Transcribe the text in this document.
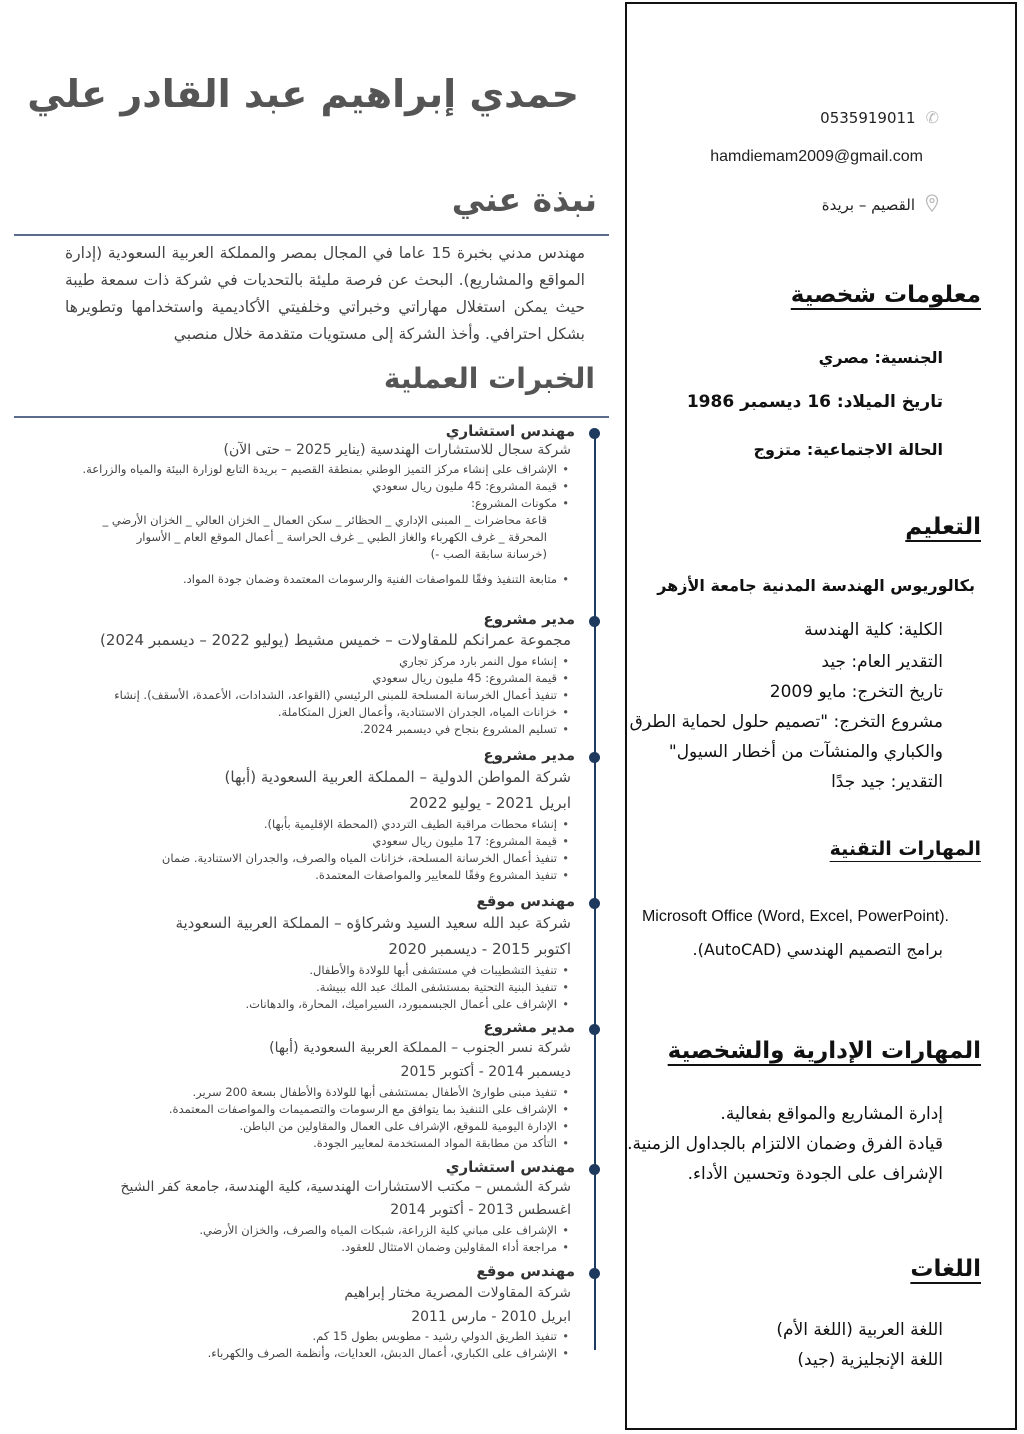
حمدي إبراهيم عبد القادر علي
نبذة عني
مهندس مدني بخبرة 15 عاما في المجال بمصر والمملكة العربية السعودية (إدارة المواقع والمشاريع). البحث عن فرصة مليئة بالتحديات في شركة ذات سمعة طيبة حيث يمكن استغلال مهاراتي وخبراتي وخلفيتي الأكاديمية واستخدامها وتطويرها بشكل احترافي. وأخذ الشركة إلى مستويات متقدمة خلال منصبي
الخبرات العملية
مهندس استشاري
شركة سجال للاستشارات الهندسية (يناير 2025 – حتى الآن)
• الإشراف على إنشاء مركز التميز الوطني بمنطقة القصيم – بريدة التابع لوزارة البيئة والمياه والزراعة.
• قيمة المشروع: 45 مليون ريال سعودي
• مكونات المشروع:
قاعة محاضرات _ المبنى الإداري _ الحظائر _ سكن العمال _ الخزان العالي _ الخزان الأرضي _
المحرقة _ غرف الكهرباء والغاز الطبي _ غرف الحراسة _ أعمال الموقع العام _ الأسوار
(خرسانة سابقة الصب -)
• متابعة التنفيذ وفقًا للمواصفات الفنية والرسومات المعتمدة وضمان جودة المواد.
مدير مشروع
مجموعة عمرانكم للمقاولات – خميس مشيط (يوليو 2022 – ديسمبر 2024)
• إنشاء مول النمر بارد مركز تجاري
• قيمة المشروع: 45 مليون ريال سعودي
• تنفيذ أعمال الخرسانة المسلحة للمبنى الرئيسي (القواعد، الشدادات، الأعمدة، الأسقف). إنشاء
• خزانات المياه، الجدران الاستنادية، وأعمال العزل المتكاملة.
• تسليم المشروع بنجاح في ديسمبر 2024.
مدير مشروع
شركة المواطن الدولية – المملكة العربية السعودية (أبها)
ابريل 2021 - يوليو 2022
• إنشاء محطات مراقبة الطيف الترددي (المحطة الإقليمية بأبها).
• قيمة المشروع: 17 مليون ريال سعودي
• تنفيذ أعمال الخرسانة المسلحة، خزانات المياه والصرف، والجدران الاستنادية. ضمان
• تنفيذ المشروع وفقًا للمعايير والمواصفات المعتمدة.
مهندس موقع
شركة عبد الله سعيد السيد وشركاؤه – المملكة العربية السعودية
اكتوبر 2015 - ديسمبر 2020
• تنفيذ التشطيبات في مستشفى أبها للولادة والأطفال.
• تنفيذ البنية التحتية بمستشفى الملك عبد الله ببيشة.
• الإشراف على أعمال الجبسمبورد، السيراميك، المحارة، والدهانات.
مدير مشروع
شركة نسر الجنوب – المملكة العربية السعودية (أبها)
ديسمبر 2014 - أكتوبر 2015
• تنفيذ مبنى طوارئ الأطفال بمستشفى أبها للولادة والأطفال بسعة 200 سرير.
• الإشراف على التنفيذ بما يتوافق مع الرسومات والتصميمات والمواصفات المعتمدة.
• الإدارة اليومية للموقع، الإشراف على العمال والمقاولين من الباطن.
• التأكد من مطابقة المواد المستخدمة لمعايير الجودة.
مهندس استشاري
شركة الشمس – مكتب الاستشارات الهندسية، كلية الهندسة، جامعة كفر الشيخ
اغسطس 2013 - أكتوبر 2014
• الإشراف على مباني كلية الزراعة، شبكات المياه والصرف، والخزان الأرضي.
• مراجعة أداء المقاولين وضمان الامتثال للعقود.
مهندس موقع
شركة المقاولات المصرية مختار إبراهيم
ابريل 2010 - مارس 2011
• تنفيذ الطريق الدولي رشيد - مطوبس بطول 15 كم.
• الإشراف على الكباري، أعمال الدبش، العدايات، وأنظمة الصرف والكهرباء.
0535919011 ✆
hamdiemam2009@gmail.com
القصيم – بريدة
معلومات شخصية
الجنسية: مصري
تاريخ الميلاد: 16 ديسمبر 1986
الحالة الاجتماعية: متزوج
التعليم
بكالوريوس الهندسة المدنية جامعة الأزهر
الكلية: كلية الهندسة
التقدير العام: جيد
تاريخ التخرج: مايو 2009
مشروع التخرج: "تصميم حلول لحماية الطرق
والكباري والمنشآت من أخطار السيول"
التقدير: جيد جدًا
المهارات التقنية
Microsoft Office (Word, Excel, PowerPoint).
برامج التصميم الهندسي (AutoCAD).
المهارات الإدارية والشخصية
إدارة المشاريع والمواقع بفعالية.
قيادة الفرق وضمان الالتزام بالجداول الزمنية.
الإشراف على الجودة وتحسين الأداء.
اللغات
اللغة العربية (اللغة الأم)
اللغة الإنجليزية (جيد)
